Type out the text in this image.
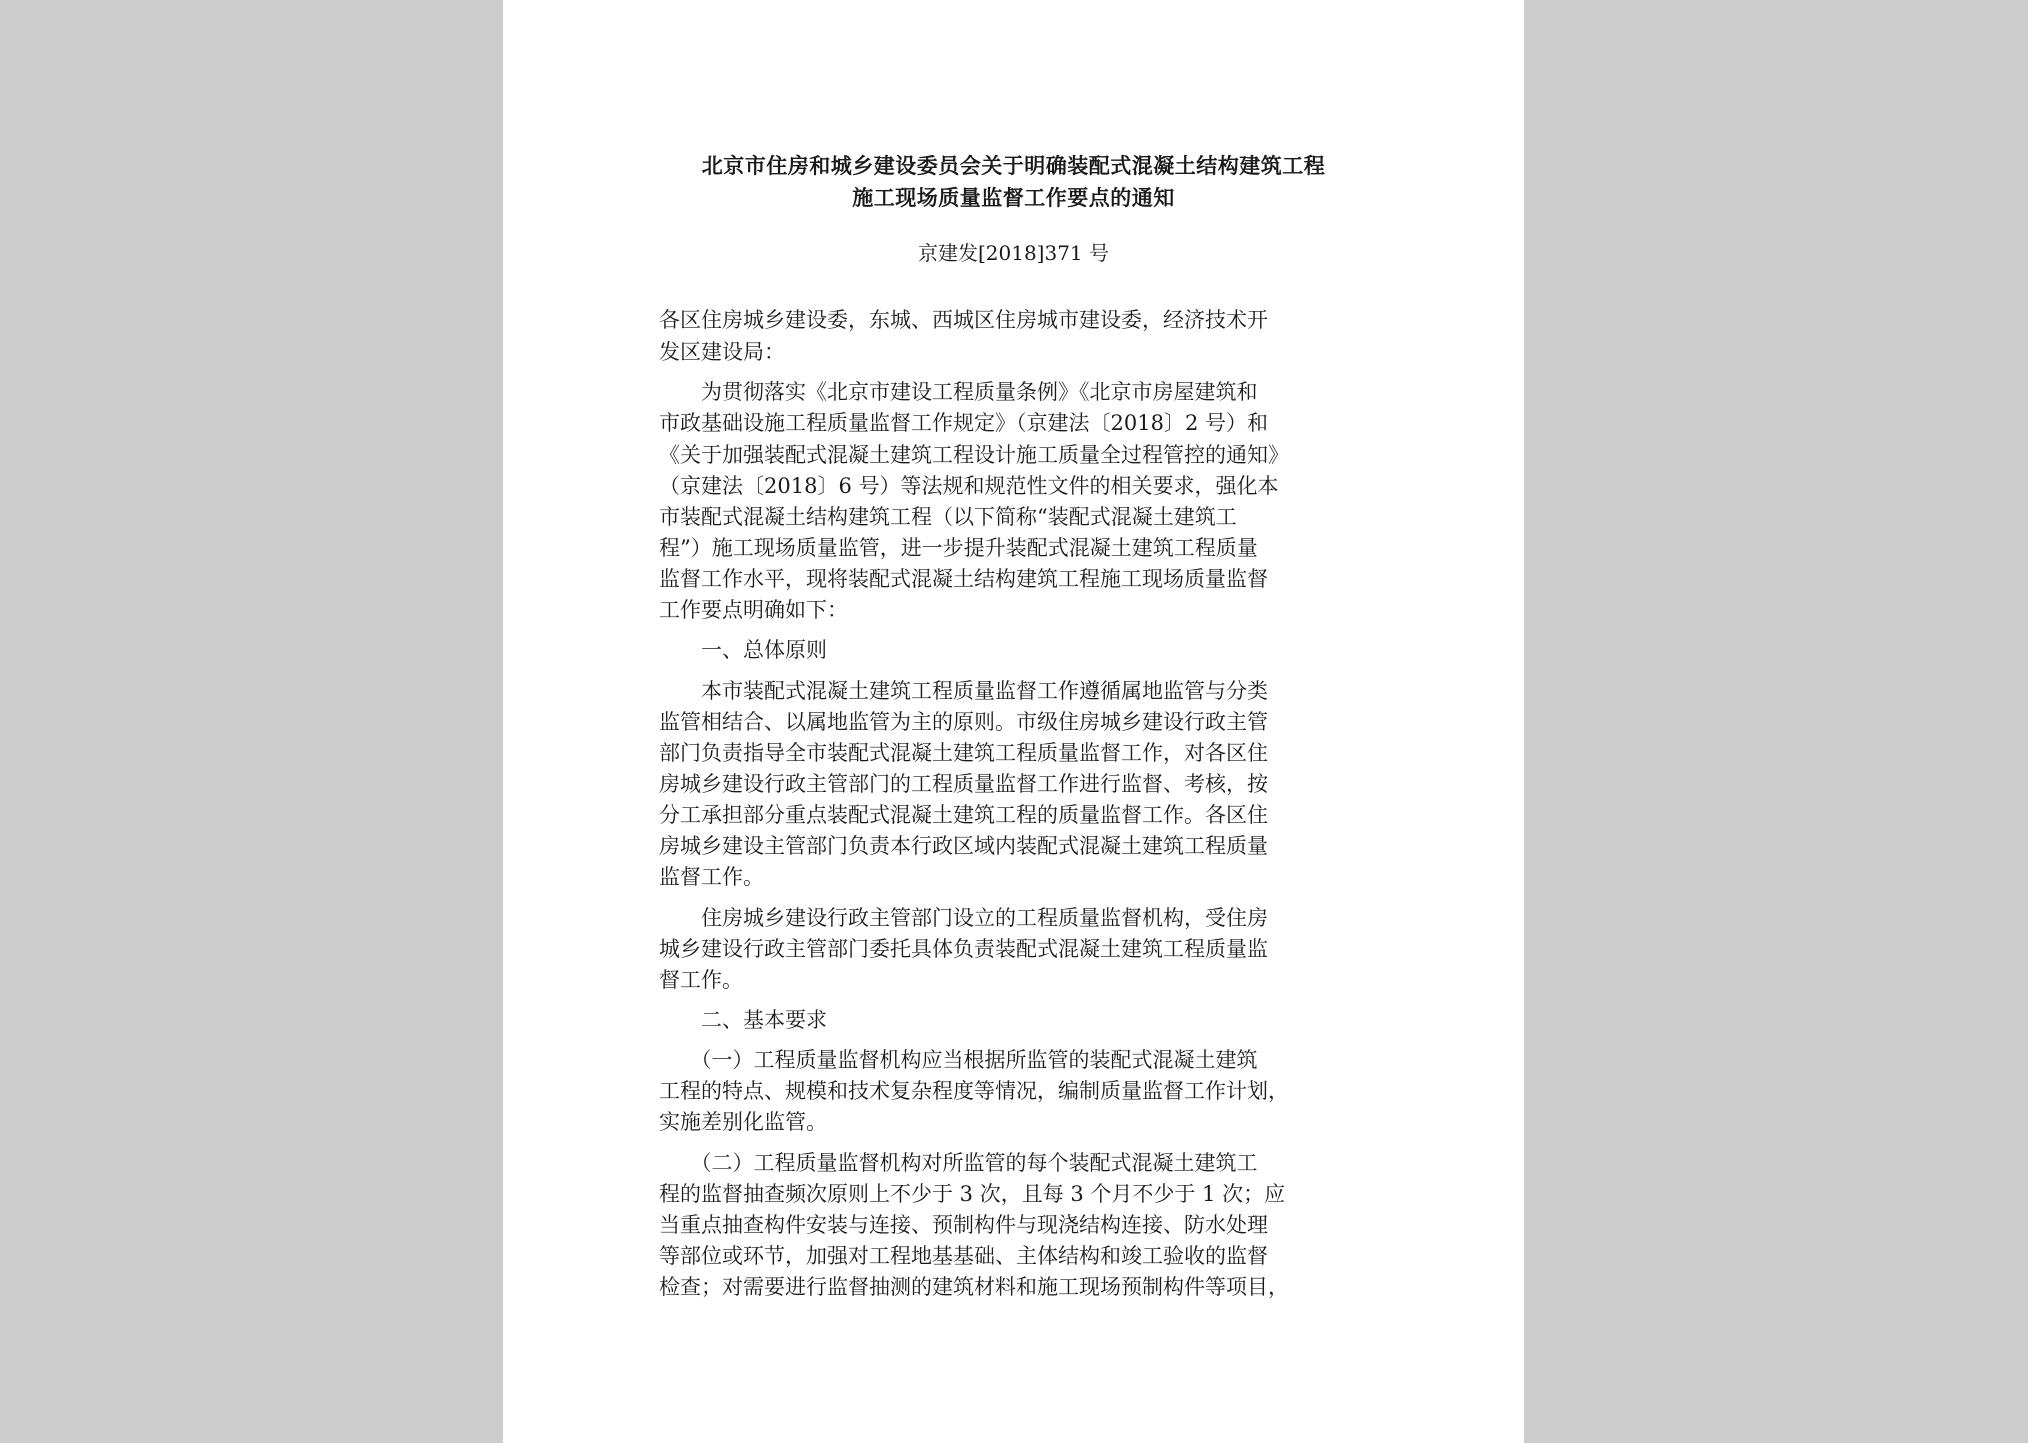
北京市住房和城乡建设委员会关于明确装配式混凝土结构建筑工程
施工现场质量监督工作要点的通知
京建发[2018]371 号
各区住房城乡建设委，东城、西城区住房城市建设委，经济技术开
发区建设局：
　　为贯彻落实《北京市建设工程质量条例》《北京市房屋建筑和
市政基础设施工程质量监督工作规定》（京建法〔2018〕2 号）和
《关于加强装配式混凝土建筑工程设计施工质量全过程管控的通知》
（京建法〔2018〕6 号）等法规和规范性文件的相关要求，强化本
市装配式混凝土结构建筑工程（以下简称“装配式混凝土建筑工
程”）施工现场质量监管，进一步提升装配式混凝土建筑工程质量
监督工作水平，现将装配式混凝土结构建筑工程施工现场质量监督
工作要点明确如下：
　　一、总体原则
　　本市装配式混凝土建筑工程质量监督工作遵循属地监管与分类
监管相结合、以属地监管为主的原则。市级住房城乡建设行政主管
部门负责指导全市装配式混凝土建筑工程质量监督工作，对各区住
房城乡建设行政主管部门的工程质量监督工作进行监督、考核，按
分工承担部分重点装配式混凝土建筑工程的质量监督工作。各区住
房城乡建设主管部门负责本行政区域内装配式混凝土建筑工程质量
监督工作。
　　住房城乡建设行政主管部门设立的工程质量监督机构，受住房
城乡建设行政主管部门委托具体负责装配式混凝土建筑工程质量监
督工作。
　　二、基本要求
　　（一）工程质量监督机构应当根据所监管的装配式混凝土建筑
工程的特点、规模和技术复杂程度等情况，编制质量监督工作计划，
实施差别化监管。
　　（二）工程质量监督机构对所监管的每个装配式混凝土建筑工
程的监督抽查频次原则上不少于 3 次，且每 3 个月不少于 1 次；应
当重点抽查构件安装与连接、预制构件与现浇结构连接、防水处理
等部位或环节，加强对工程地基基础、主体结构和竣工验收的监督
检查；对需要进行监督抽测的建筑材料和施工现场预制构件等项目，
